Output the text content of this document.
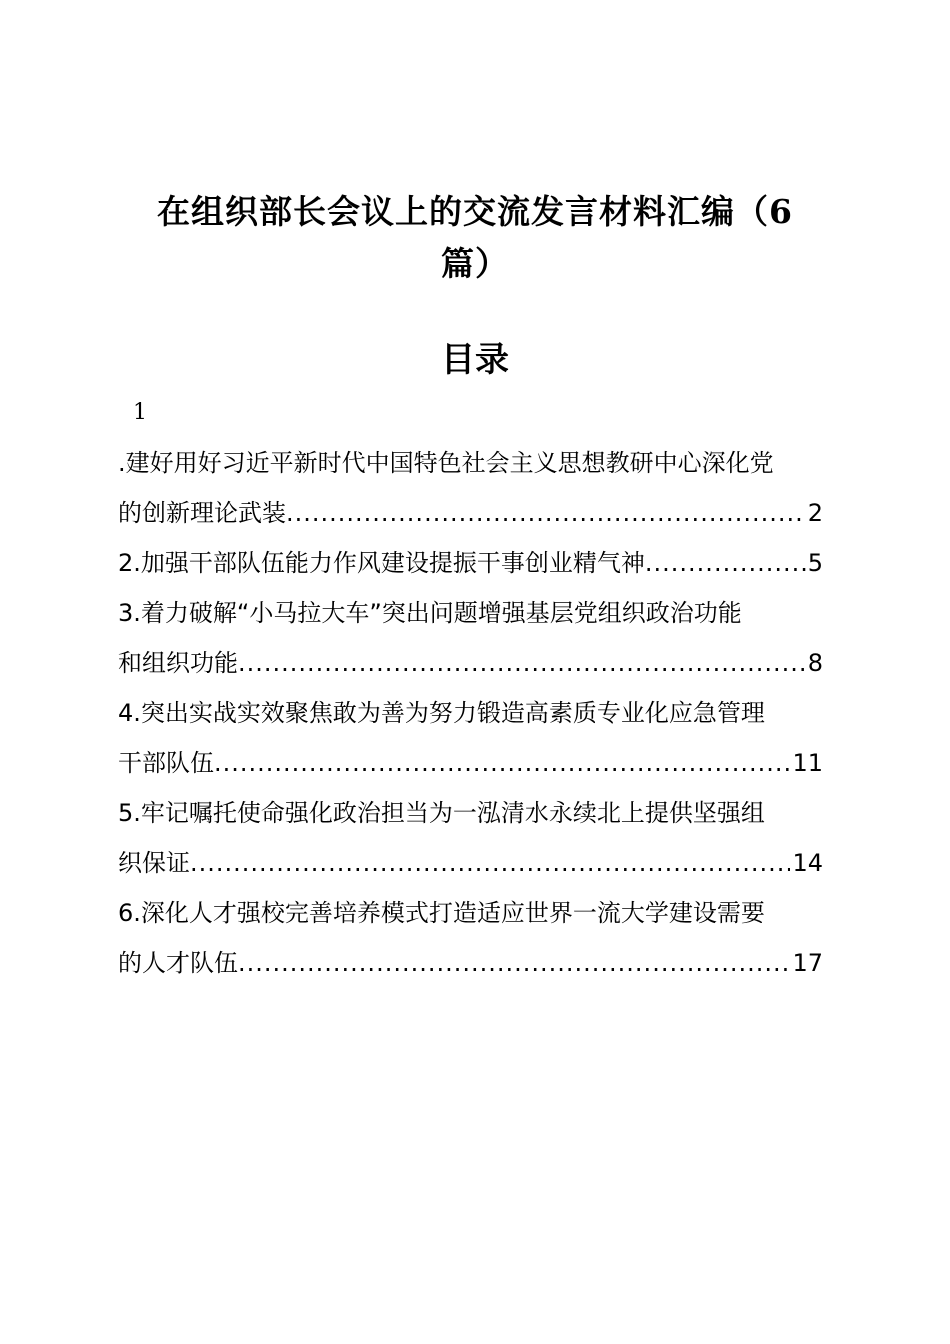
在组织部长会议上的交流发言材料汇编（6
篇）
目录
1
.建好用好习近平新时代中国特色社会主义思想教研中心深化党
的创新理论武装 .....	2
2.加强干部队伍能力作风建设提振干事创业精气神 .....	5
3.着力破解“小马拉大车”突出问题增强基层党组织政治功能
和组织功能 .....	8
4.突出实战实效聚焦敢为善为努力锻造高素质专业化应急管理
干部队伍 .....	11
5.牢记嘱托使命强化政治担当为一泓清水永续北上提供坚强组
织保证 .....	14
6.深化人才强校完善培养模式打造适应世界一流大学建设需要
的人才队伍 .....	17
